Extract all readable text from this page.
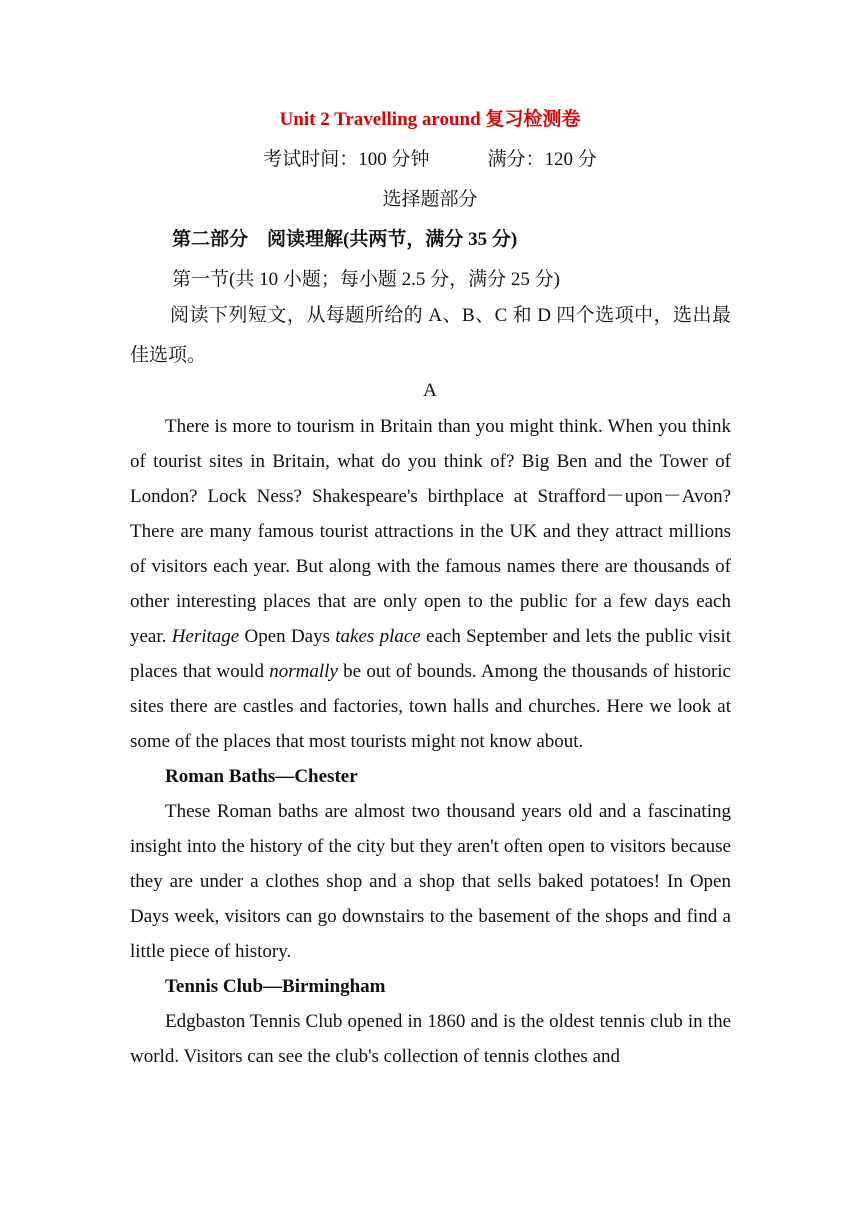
Unit 2 Travelling around 复习检测卷
考试时间：100 分钟	满分：120 分
选择题部分
第二部分　阅读理解(共两节，满分 35 分)
第一节(共 10 小题；每小题 2.5 分，满分 25 分)
阅读下列短文，从每题所给的 A、B、C 和 D 四个选项中，选出最佳选项。
A

There is more to tourism in Britain than you might think. When you think of tourist sites in Britain, what do you think of? Big Ben and the Tower of London? Lock Ness? Shakespeare's birthplace at Strafford－upon－Avon? There are many famous tourist attractions in the UK and they attract millions of visitors each year. But along with the famous names there are thousands of other interesting places that are only open to the public for a few days each year. Heritage Open Days takes place each September and lets the public visit places that would normally be out of bounds. Among the thousands of historic sites there are castles and factories, town halls and churches. Here we look at some of the places that most tourists might not know about.

Roman Baths—Chester

These Roman baths are almost two thousand years old and a fascinating insight into the history of the city but they aren't often open to visitors because they are under a clothes shop and a shop that sells baked potatoes! In Open Days week, visitors can go downstairs to the basement of the shops and find a little piece of history.

Tennis Club—Birmingham

Edgbaston Tennis Club opened in 1860 and is the oldest tennis club in the world. Visitors can see the club's collection of tennis clothes and
